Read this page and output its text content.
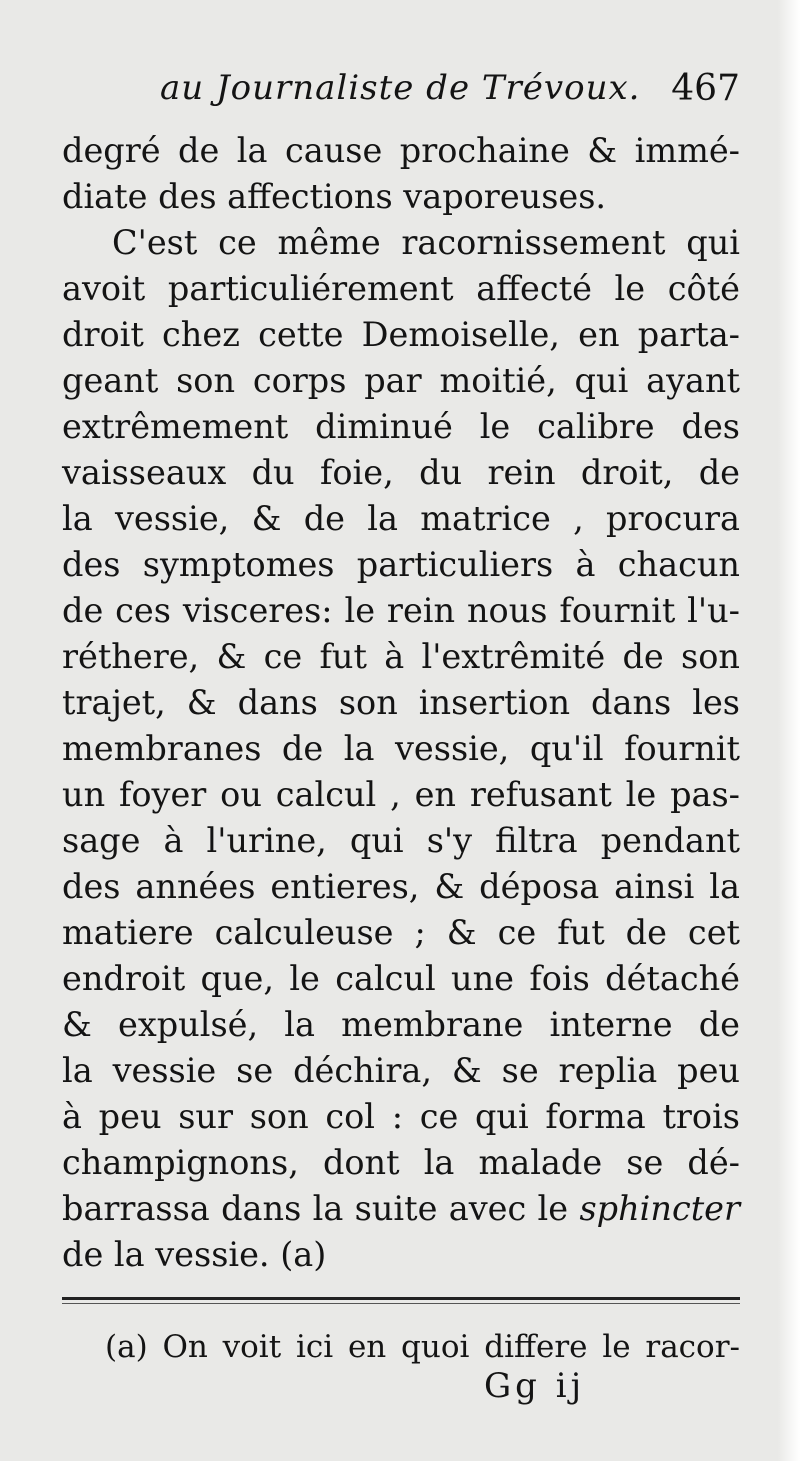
au Journaliste de Trévoux. 467
degré de la cause prochaine & immé-
diate des affections vaporeuses.
C'est ce même racornissement qui
avoit particuliérement affecté le côté
droit chez cette Demoiselle, en parta-
geant son corps par moitié, qui ayant
extrêmement diminué le calibre des
vaisseaux du foie, du rein droit, de
la vessie, & de la matrice , procura
des symptomes particuliers à chacun
de ces visceres: le rein nous fournit l'u-
réthere, & ce fut à l'extrêmité de son
trajet, & dans son insertion dans les
membranes de la vessie, qu'il fournit
un foyer ou calcul , en refusant le pas-
sage à l'urine, qui s'y filtra pendant
des années entieres, & déposa ainsi la
matiere calculeuse ; & ce fut de cet
endroit que, le calcul une fois détaché
& expulsé, la membrane interne de
la vessie se déchira, & se replia peu
à peu sur son col : ce qui forma trois
champignons, dont la malade se dé-
barrassa dans la suite avec le sphincter
de la vessie. (a)
(a) On voit ici en quoi differe le racor-
Gg ij
